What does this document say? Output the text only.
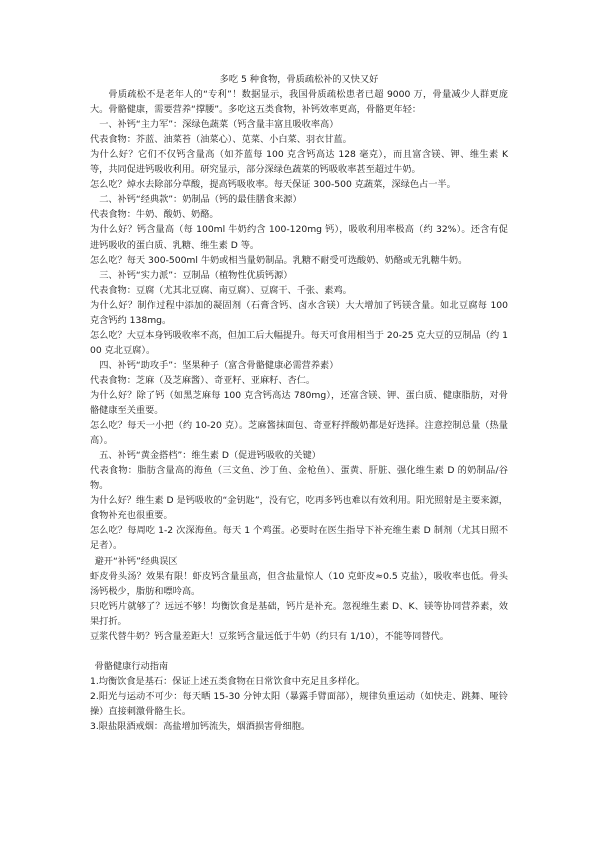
多吃 5 种食物，骨质疏松补的又快又好

骨质疏松不是老年人的“专利”！数据显示，我国骨质疏松患者已超 9000 万，骨量减少人群更庞大。骨骼健康，需要营养“撑腰”。多吃这五类食物，补钙效率更高，骨骼更年轻：

一、补钙“主力军”：深绿色蔬菜（钙含量丰富且吸收率高）

代表食物：芥蓝、油菜苔（油菜心）、苋菜、小白菜、羽衣甘蓝。

为什么好？它们不仅钙含量高（如芥蓝每 100 克含钙高达 128 毫克），而且富含镁、钾、维生素 K 等，共同促进钙吸收利用。研究显示，部分深绿色蔬菜的钙吸收率甚至超过牛奶。

怎么吃？焯水去除部分草酸，提高钙吸收率。每天保证 300-500 克蔬菜，深绿色占一半。

二、补钙“经典款”：奶制品（钙的最佳膳食来源）

代表食物：牛奶、酸奶、奶酪。

为什么好？钙含量高（每 100ml 牛奶约含 100-120mg 钙），吸收利用率极高（约 32%）。还含有促进钙吸收的蛋白质、乳糖、维生素 D 等。

怎么吃？每天 300-500ml 牛奶或相当量奶制品。乳糖不耐受可选酸奶、奶酪或无乳糖牛奶。

三、补钙“实力派”：豆制品（植物性优质钙源）

代表食物：豆腐（尤其北豆腐、南豆腐）、豆腐干、千张、素鸡。

为什么好？制作过程中添加的凝固剂（石膏含钙、卤水含镁）大大增加了钙镁含量。如北豆腐每 100 克含钙约 138mg。

怎么吃？大豆本身钙吸收率不高，但加工后大幅提升。每天可食用相当于 20-25 克大豆的豆制品（约 100 克北豆腐）。

四、补钙“助攻手”：坚果种子（富含骨骼健康必需营养素）

代表食物：芝麻（及芝麻酱）、奇亚籽、亚麻籽、杏仁。

为什么好？除了钙（如黑芝麻每 100 克含钙高达 780mg），还富含镁、钾、蛋白质、健康脂肪，对骨骼健康至关重要。

怎么吃？每天一小把（约 10-20 克）。芝麻酱抹面包、奇亚籽拌酸奶都是好选择。注意控制总量（热量高）。

五、补钙“黄金搭档”：维生素 D（促进钙吸收的关键）

代表食物：脂肪含量高的海鱼（三文鱼、沙丁鱼、金枪鱼）、蛋黄、肝脏、强化维生素 D 的奶制品/谷物。

为什么好？维生素 D 是钙吸收的“金钥匙”，没有它，吃再多钙也难以有效利用。阳光照射是主要来源，食物补充也很重要。

怎么吃？每周吃 1-2 次深海鱼。每天 1 个鸡蛋。必要时在医生指导下补充维生素 D 制剂（尤其日照不足者）。

避开“补钙”经典误区

虾皮骨头汤？效果有限！虾皮钙含量虽高，但含盐量惊人（10 克虾皮≈0.5 克盐），吸收率也低。骨头汤钙极少，脂肪和嘌呤高。

只吃钙片就够了？远远不够！均衡饮食是基础，钙片是补充。忽视维生素 D、K、镁等协同营养素，效果打折。

豆浆代替牛奶？钙含量差距大！豆浆钙含量远低于牛奶（约只有 1/10），不能等同替代。

骨骼健康行动指南

1.均衡饮食是基石：保证上述五类食物在日常饮食中充足且多样化。

2.阳光与运动不可少：每天晒 15-30 分钟太阳（暴露手臂面部），规律负重运动（如快走、跳舞、哑铃操）直接刺激骨骼生长。

3.限盐限酒戒烟：高盐增加钙流失，烟酒损害骨细胞。
